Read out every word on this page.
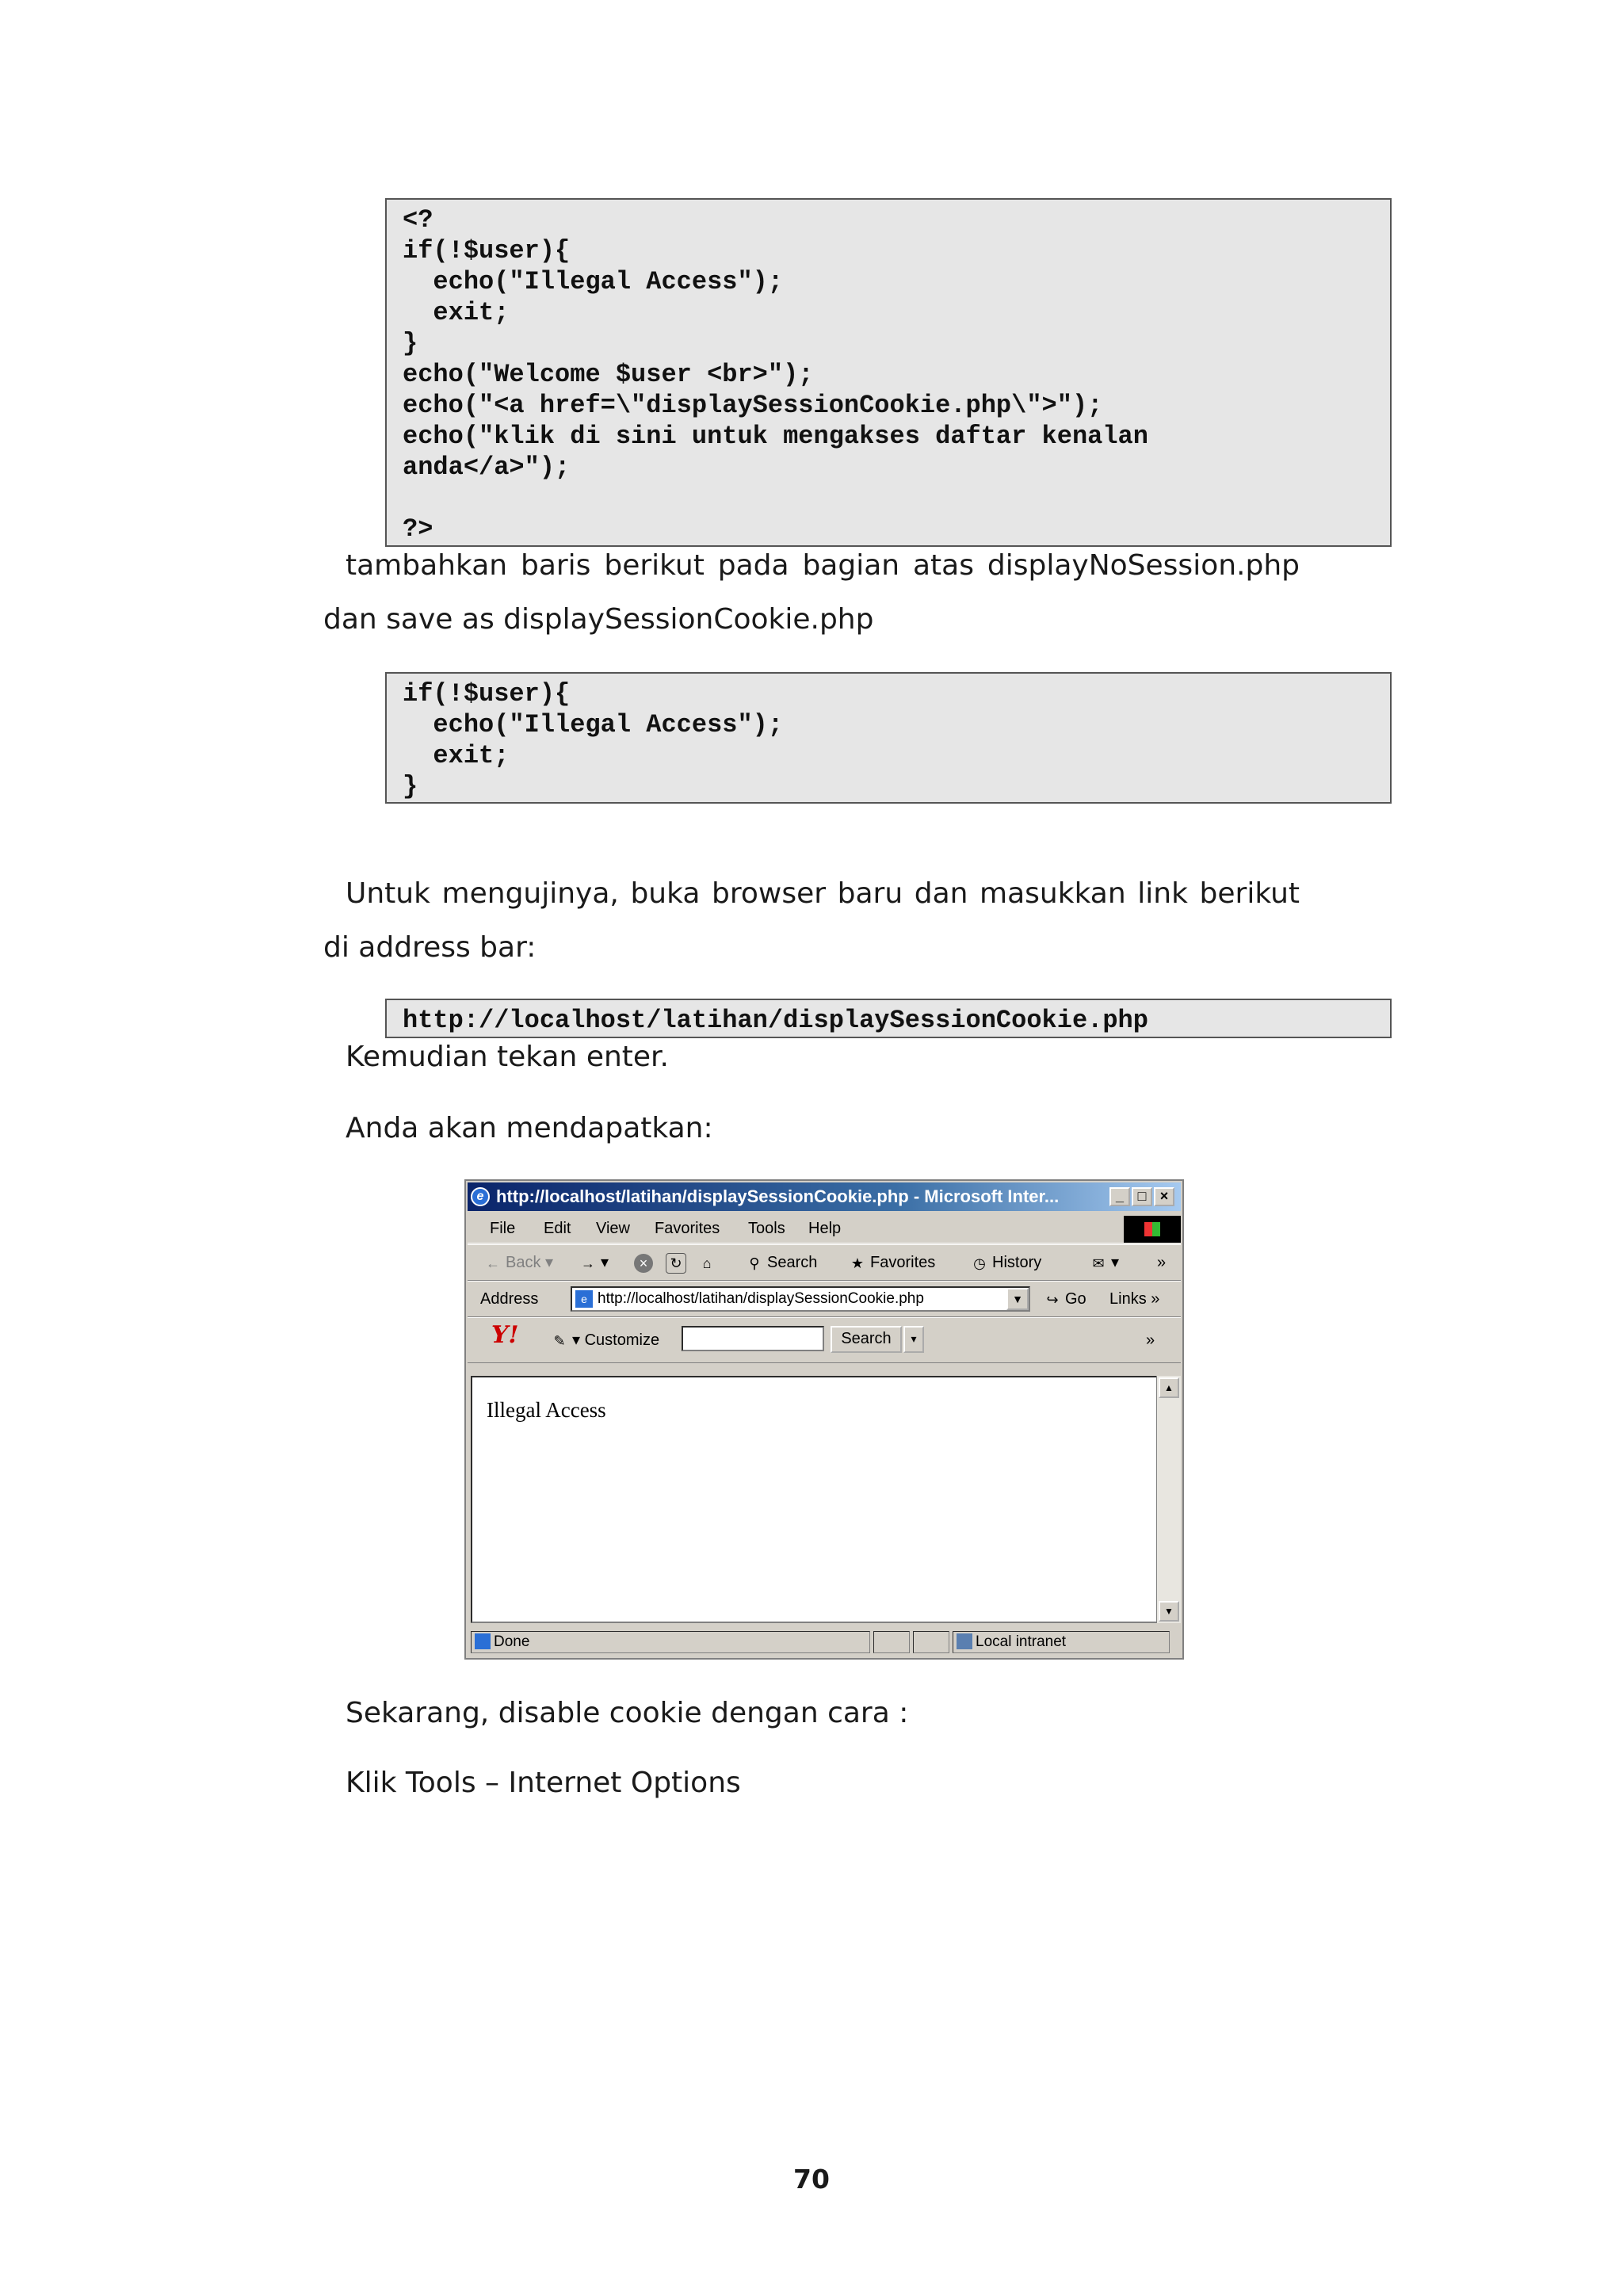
<?
if(!$user){
echo("Illegal Access");
exit;
}
echo("Welcome $user <br>");
echo("<a href=\"displaySessionCookie.php\">");
echo("klik di sini untuk mengakses daftar kenalan
anda</a>");

?>

tambahkan baris berikut pada bagian atas displayNoSession.php dan save as displaySessionCookie.php

if(!$user){
echo("Illegal Access");
exit;
}

Untuk mengujinya, buka browser baru dan masukkan link berikut di address bar:

http://localhost/latihan/displaySessionCookie.php

Kemudian tekan enter.

Anda akan mendapatkan:

e http://localhost/latihan/displaySessionCookie.php - Microsoft Inter...	_ □ ×
File Edit View Favorites Tools Help
← Back ▾ → ▾	×	↻	⌂	⚲ Search ★ Favorites	◷ History	✉ ▾ »
Address	e http://localhost/latihan/displaySessionCookie.php	▼	↪ Go Links »
Y! ✎ ▾ Customize	Search	▾	»
Illegal Access
▲
▼
Done	Local intranet

Sekarang, disable cookie dengan cara :

Klik Tools – Internet Options

70
